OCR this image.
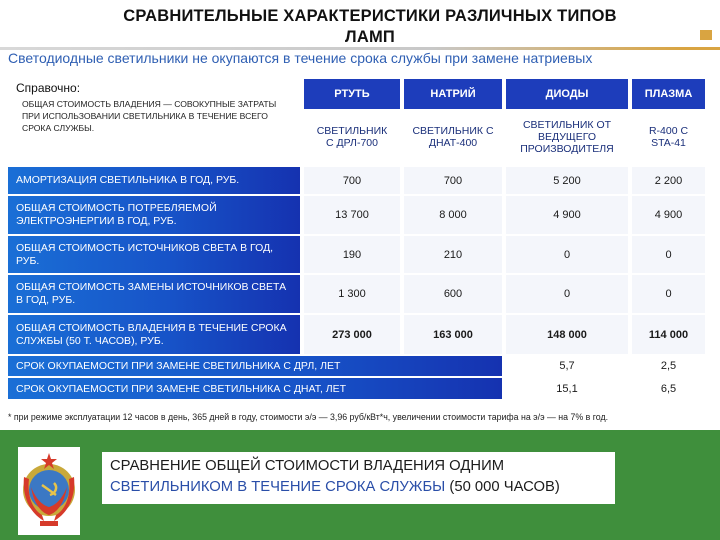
СРАВНИТЕЛЬНЫЕ ХАРАКТЕРИСТИКИ РАЗЛИЧНЫХ ТИПОВ
ЛАМП
Светодиодные светильники не окупаются в течение срока службы при замене натриевых
	РТУТЬ	НАТРИЙ	ДИОДЫ	ПЛАЗМА
	СВЕТИЛЬНИК С ДРЛ-700	СВЕТИЛЬНИК С ДНАТ-400	СВЕТИЛЬНИК ОТ ВЕДУЩЕГО ПРОИЗВОДИТЕЛЯ	R-400 C STA-41
АМОРТИЗАЦИЯ СВЕТИЛЬНИКА В ГОД, РУБ.	700	700	5 200	2 200
ОБЩАЯ СТОИМОСТЬ ПОТРЕБЛЯЕМОЙ ЭЛЕКТРОЭНЕРГИИ В ГОД, РУБ.	13 700	8 000	4 900	4 900
ОБЩАЯ СТОИМОСТЬ ИСТОЧНИКОВ СВЕТА В ГОД, РУБ.	190	210	0	0
ОБЩАЯ СТОИМОСТЬ ЗАМЕНЫ ИСТОЧНИКОВ СВЕТА В ГОД, РУБ.	1 300	600	0	0
ОБЩАЯ СТОИМОСТЬ ВЛАДЕНИЯ В ТЕЧЕНИЕ СРОКА СЛУЖБЫ (50 Т. ЧАСОВ), РУБ.	273 000	163 000	148 000	114 000
СРОК ОКУПАЕМОСТИ ПРИ ЗАМЕНЕ СВЕТИЛЬНИКА С ДРЛ, ЛЕТ			5,7	2,5
СРОК ОКУПАЕМОСТИ ПРИ ЗАМЕНЕ СВЕТИЛЬНИКА С ДНАТ, ЛЕТ			15,1	6,5
Справочно:
ОБЩАЯ СТОИМОСТЬ ВЛАДЕНИЯ — СОВОКУПНЫЕ ЗАТРАТЫ ПРИ ИСПОЛЬЗОВАНИИ СВЕТИЛЬНИКА В ТЕЧЕНИЕ ВСЕГО СРОКА СЛУЖБЫ.
* при режиме эксплуатации 12 часов в день, 365 дней в году, стоимости э/э — 3,96 руб/кВт*ч, увеличении стоимости тарифа на э/э — на 7% в год.
СРАВНЕНИЕ ОБЩЕЙ СТОИМОСТИ ВЛАДЕНИЯ ОДНИМ
СВЕТИЛЬНИКОМ В ТЕЧЕНИЕ СРОКА СЛУЖБЫ (50 000 ЧАСОВ)
